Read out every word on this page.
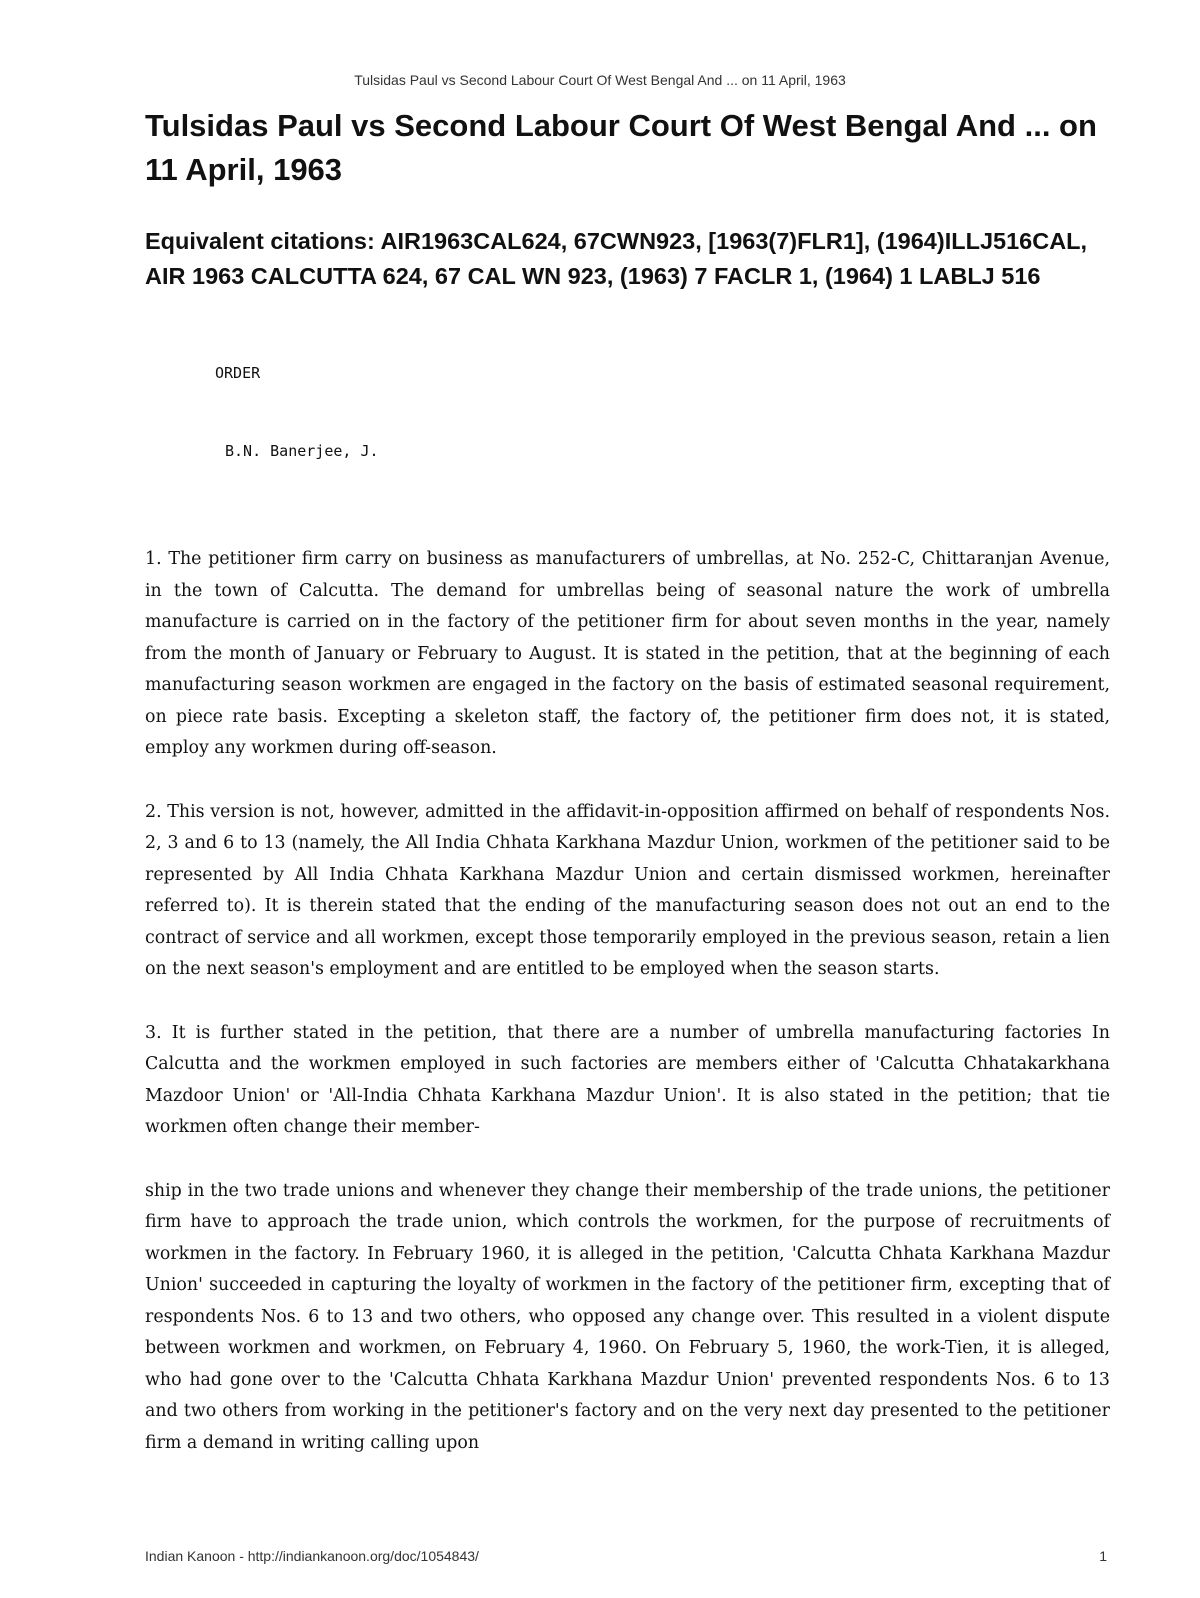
Tulsidas Paul vs Second Labour Court Of West Bengal And ... on 11 April, 1963
Tulsidas Paul vs Second Labour Court Of West Bengal And ... on 11 April, 1963
Equivalent citations: AIR1963CAL624, 67CWN923, [1963(7)FLR1], (1964)ILLJ516CAL, AIR 1963 CALCUTTA 624, 67 CAL WN 923, (1963) 7 FACLR 1, (1964) 1 LABLJ 516
ORDER
B.N. Banerjee, J.

1. The petitioner firm carry on business as manufacturers of umbrellas, at No. 252-C, Chittaranjan Avenue, in the town of Calcutta. The demand for umbrellas being of seasonal nature the work of umbrella manufacture is carried on in the factory of the petitioner firm for about seven months in the year, namely from the month of January or February to August. It is stated in the petition, that at the beginning of each manufacturing season workmen are engaged in the factory on the basis of estimated seasonal requirement, on piece rate basis. Excepting a skeleton staff, the factory of, the petitioner firm does not, it is stated, employ any workmen during off-season.

2. This version is not, however, admitted in the affidavit-in-opposition affirmed on behalf of respondents Nos. 2, 3 and 6 to 13 (namely, the All India Chhata Karkhana Mazdur Union, workmen of the petitioner said to be represented by All India Chhata Karkhana Mazdur Union and certain dismissed workmen, hereinafter referred to). It is therein stated that the ending of the manufacturing season does not out an end to the contract of service and all workmen, except those temporarily employed in the previous season, retain a lien on the next season's employment and are entitled to be employed when the season starts.

3. It is further stated in the petition, that there are a number of umbrella manufacturing factories In Calcutta and the workmen employed in such factories are members either of 'Calcutta Chhatakarkhana Mazdoor Union' or 'All-India Chhata Karkhana Mazdur Union'. It is also stated in the petition; that tie workmen often change their member-

ship in the two trade unions and whenever they change their membership of the trade unions, the petitioner firm have to approach the trade union, which controls the workmen, for the purpose of recruitments of workmen in the factory. In February 1960, it is alleged in the petition, 'Calcutta Chhata Karkhana Mazdur Union' succeeded in capturing the loyalty of workmen in the factory of the petitioner firm, excepting that of respondents Nos. 6 to 13 and two others, who opposed any change over. This resulted in a violent dispute between workmen and workmen, on February 4, 1960. On February 5, 1960, the work-Tien, it is alleged, who had gone over to the 'Calcutta Chhata Karkhana Mazdur Union' prevented respondents Nos. 6 to 13 and two others from working in the petitioner's factory and on the very next day presented to the petitioner firm a demand in writing calling upon

Indian Kanoon - http://indiankanoon.org/doc/1054843/	1
